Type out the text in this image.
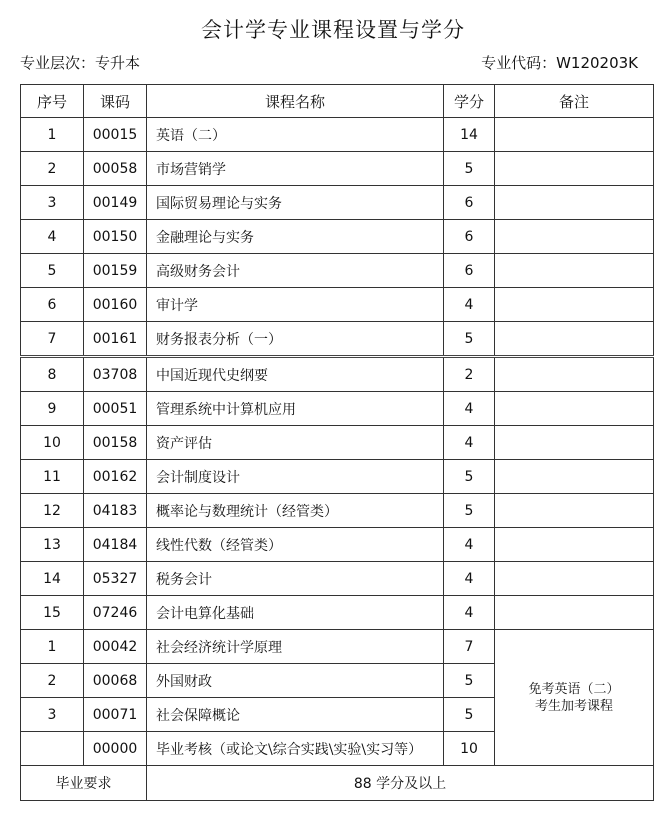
会计学专业课程设置与学分
专业层次：专升本	专业代码：W120203K
序号	课码	课程名称	学分	备注
1	00015	英语（二）	14	
2	00058	市场营销学	5	
3	00149	国际贸易理论与实务	6	
4	00150	金融理论与实务	6	
5	00159	高级财务会计	6	
6	00160	审计学	4	
7	00161	财务报表分析（一）	5	
8	03708	中国近现代史纲要	2	
9	00051	管理系统中计算机应用	4	
10	00158	资产评估	4	
11	00162	会计制度设计	5	
12	04183	概率论与数理统计（经管类）	5	
13	04184	线性代数（经管类）	4	
14	05327	税务会计	4	
15	07246	会计电算化基础	4	
1	00042	社会经济统计学原理	7	免考英语（二）
考生加考课程

2	00068	外国财政	5	
3	00071	社会保障概论	5	
	00000	毕业考核（或论文\综合实践\实验\实习等）	10	
毕业要求		88 学分及以上		
